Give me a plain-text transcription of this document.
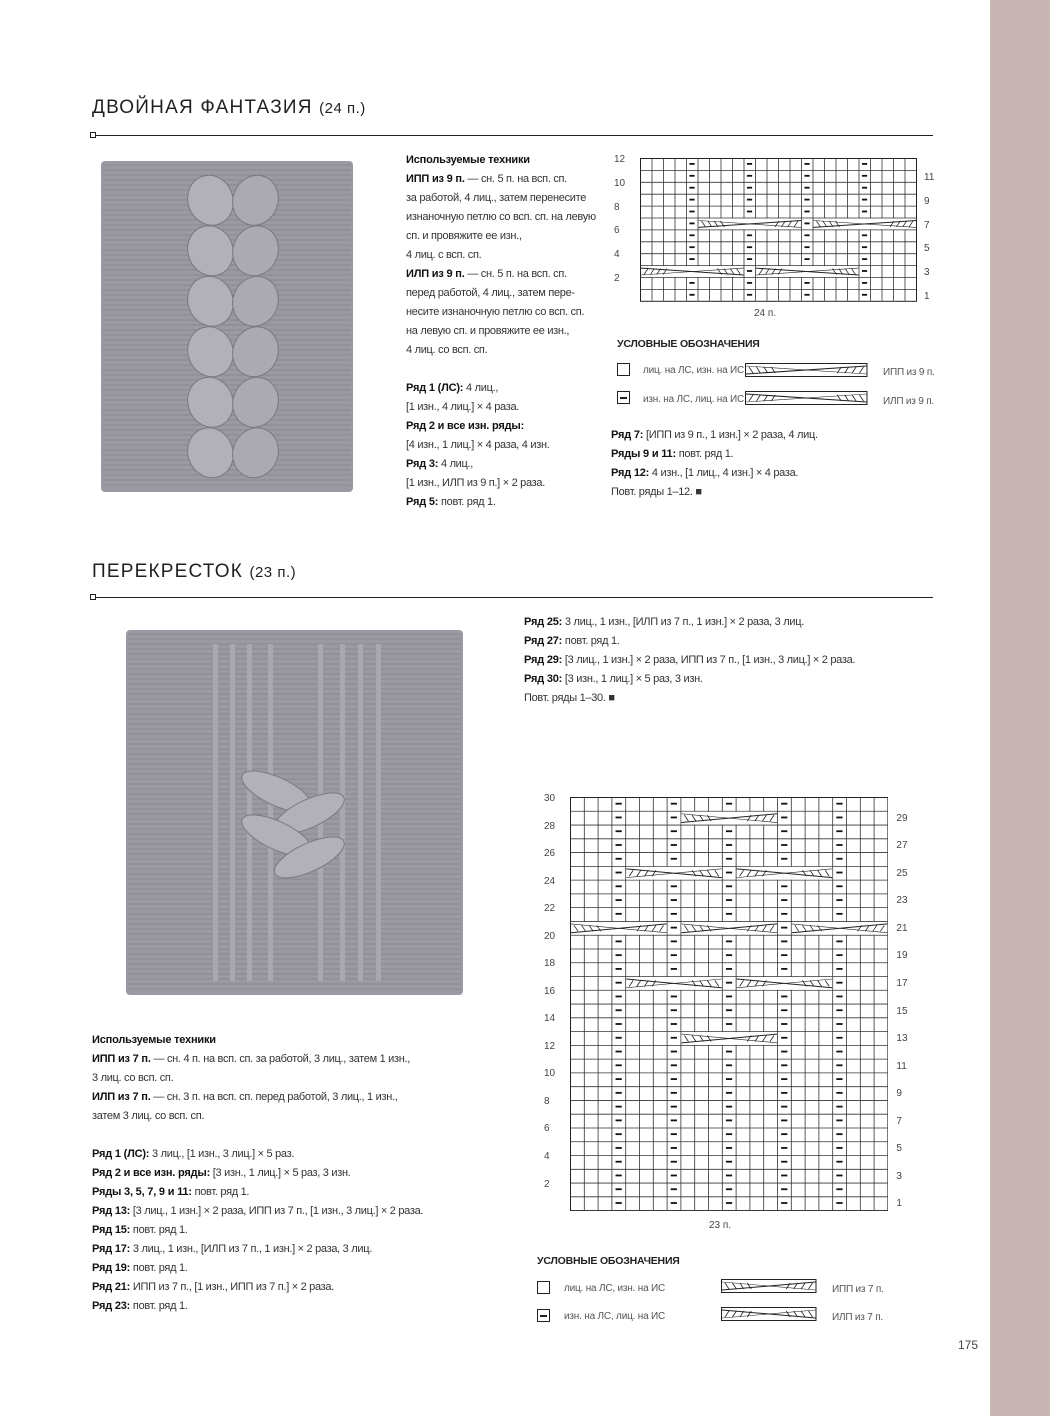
ДВОЙНАЯ ФАНТАЗИЯ (24 п.)
Используемые техники
ИПП из 9 п. — сн. 5 п. на всп. сп.
за работой, 4 лиц., затем перенесите
изнаночную петлю со всп. сп. на левую
сп. и провяжите ее изн.,
4 лиц. с всп. сп.
ИЛП из 9 п. — сн. 5 п. на всп. сп.
перед работой, 4 лиц., затем пере-
несите изнаночную петлю со всп. сп.
на левую сп. и провяжите ее изн.,
4 лиц. со всп. сп.
Ряд 1 (ЛС): 4 лиц.,
[1 изн., 4 лиц.] × 4 раза.
Ряд 2 и все изн. ряды:
[4 изн., 1 лиц.] × 4 раза, 4 изн.
Ряд 3: 4 лиц.,
[1 изн., ИЛП из 9 п.] × 2 раза.
Ряд 5: повт. ряд 1.
Ряд 7: [ИПП из 9 п., 1 изн.] × 2 раза, 4 лиц.
Ряды 9 и 11: повт. ряд 1.
Ряд 12: 4 изн., [1 лиц., 4 изн.] × 4 раза.
Повт. ряды 1–12. ■
1
2
3
4
5
6
7
8
9
10
11
12
24 п.
УСЛОВНЫЕ ОБОЗНАЧЕНИЯ
лиц. на ЛС, изн. на ИС
изн. на ЛС, лиц. на ИС
ИПП из 9 п.
ИЛП из 9 п.
ПЕРЕКРЕСТОК (23 п.)
Ряд 25: 3 лиц., 1 изн., [ИЛП из 7 п., 1 изн.] × 2 раза, 3 лиц.
Ряд 27: повт. ряд 1.
Ряд 29: [3 лиц., 1 изн.] × 2 раза, ИПП из 7 п., [1 изн., 3 лиц.] × 2 раза.
Ряд 30: [3 изн., 1 лиц.] × 5 раз, 3 изн.
Повт. ряды 1–30. ■
Используемые техники
ИПП из 7 п. — сн. 4 п. на всп. сп. за работой, 3 лиц., затем 1 изн.,
3 лиц. со всп. сп.
ИЛП из 7 п. — сн. 3 п. на всп. сп. перед работой, 3 лиц., 1 изн.,
затем 3 лиц. со всп. сп.
Ряд 1 (ЛС): 3 лиц., [1 изн., 3 лиц.] × 5 раз.
Ряд 2 и все изн. ряды: [3 изн., 1 лиц.] × 5 раз, 3 изн.
Ряды 3, 5, 7, 9 и 11: повт. ряд 1.
Ряд 13: [3 лиц., 1 изн.] × 2 раза, ИПП из 7 п., [1 изн., 3 лиц.] × 2 раза.
Ряд 15: повт. ряд 1.
Ряд 17: 3 лиц., 1 изн., [ИЛП из 7 п., 1 изн.] × 2 раза, 3 лиц.
Ряд 19: повт. ряд 1.
Ряд 21: ИПП из 7 п., [1 изн., ИПП из 7 п.] × 2 раза.
Ряд 23: повт. ряд 1.
1
2
3
4
5
6
7
8
9
10
11
12
13
14
15
16
17
18
19
20
21
22
23
24
25
26
27
28
29
30
23 п.
УСЛОВНЫЕ ОБОЗНАЧЕНИЯ
лиц. на ЛС, изн. на ИС
изн. на ЛС, лиц. на ИС
ИПП из 7 п.
ИЛП из 7 п.
175
